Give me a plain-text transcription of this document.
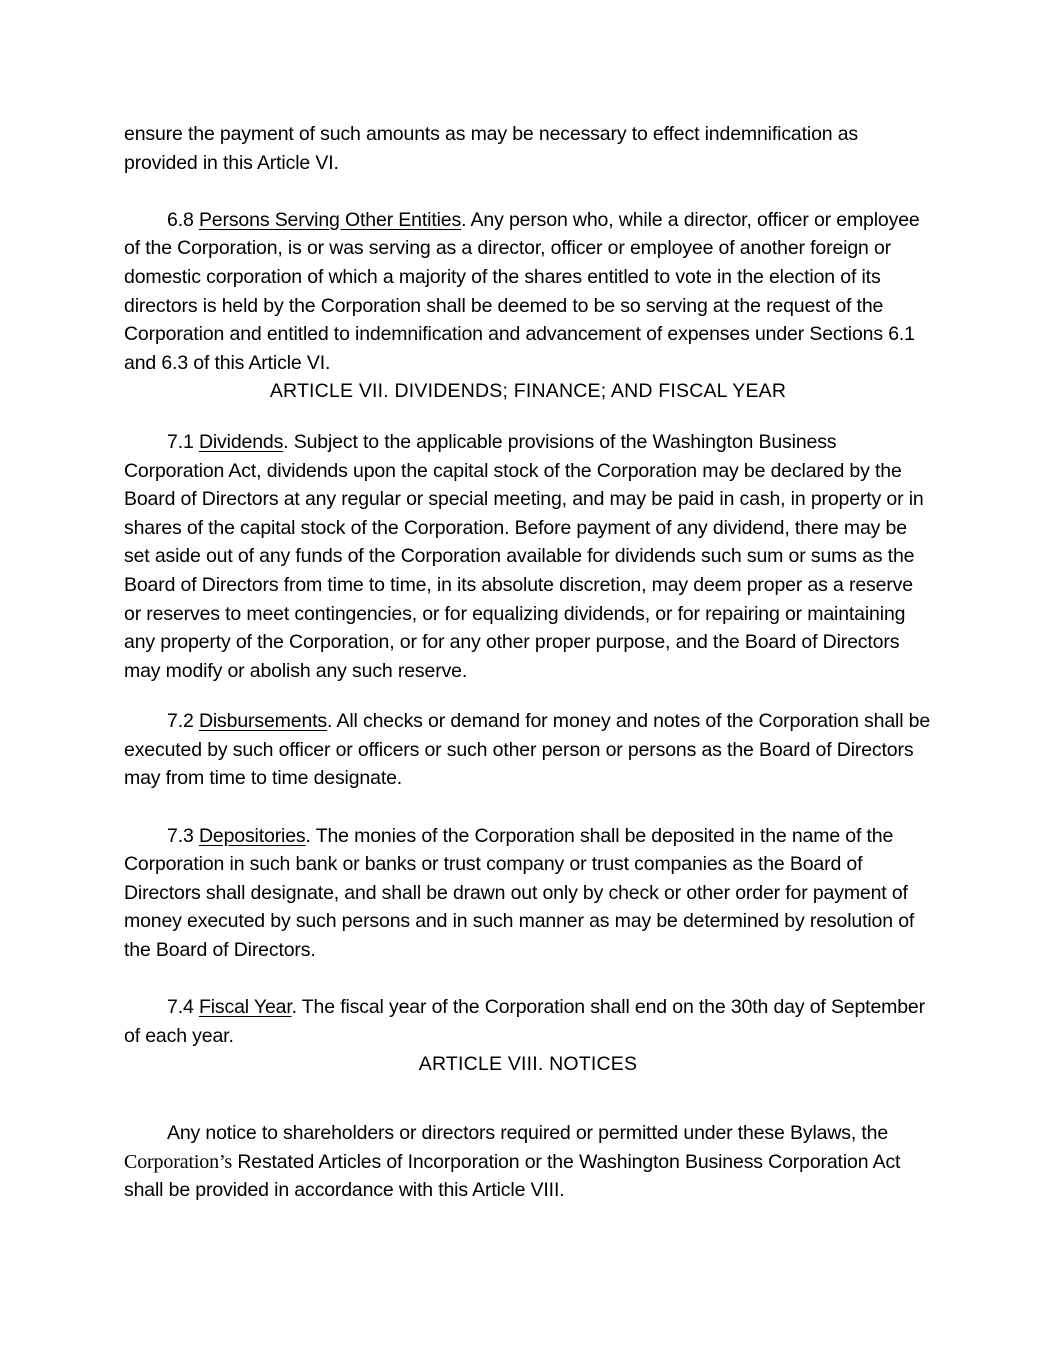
ensure the payment of such amounts as may be necessary to effect indemnification as provided in this Article VI.

6.8 Persons Serving Other Entities. Any person who, while a director, officer or employee of the Corporation, is or was serving as a director, officer or employee of another foreign or domestic corporation of which a majority of the shares entitled to vote in the election of its directors is held by the Corporation shall be deemed to be so serving at the request of the Corporation and entitled to indemnification and advancement of expenses under Sections 6.1 and 6.3 of this Article VI.

ARTICLE VII. DIVIDENDS; FINANCE; AND FISCAL YEAR

7.1 Dividends. Subject to the applicable provisions of the Washington Business Corporation Act, dividends upon the capital stock of the Corporation may be declared by the Board of Directors at any regular or special meeting, and may be paid in cash, in property or in shares of the capital stock of the Corporation. Before payment of any dividend, there may be set aside out of any funds of the Corporation available for dividends such sum or sums as the Board of Directors from time to time, in its absolute discretion, may deem proper as a reserve or reserves to meet contingencies, or for equalizing dividends, or for repairing or maintaining any property of the Corporation, or for any other proper purpose, and the Board of Directors may modify or abolish any such reserve.

7.2 Disbursements. All checks or demand for money and notes of the Corporation shall be executed by such officer or officers or such other person or persons as the Board of Directors may from time to time designate.

7.3 Depositories. The monies of the Corporation shall be deposited in the name of the Corporation in such bank or banks or trust company or trust companies as the Board of Directors shall designate, and shall be drawn out only by check or other order for payment of money executed by such persons and in such manner as may be determined by resolution of the Board of Directors.

7.4 Fiscal Year. The fiscal year of the Corporation shall end on the 30th day of September of each year.

ARTICLE VIII. NOTICES

Any notice to shareholders or directors required or permitted under these Bylaws, the Corporation’s Restated Articles of Incorporation or the Washington Business Corporation Act shall be provided in accordance with this Article VIII.
